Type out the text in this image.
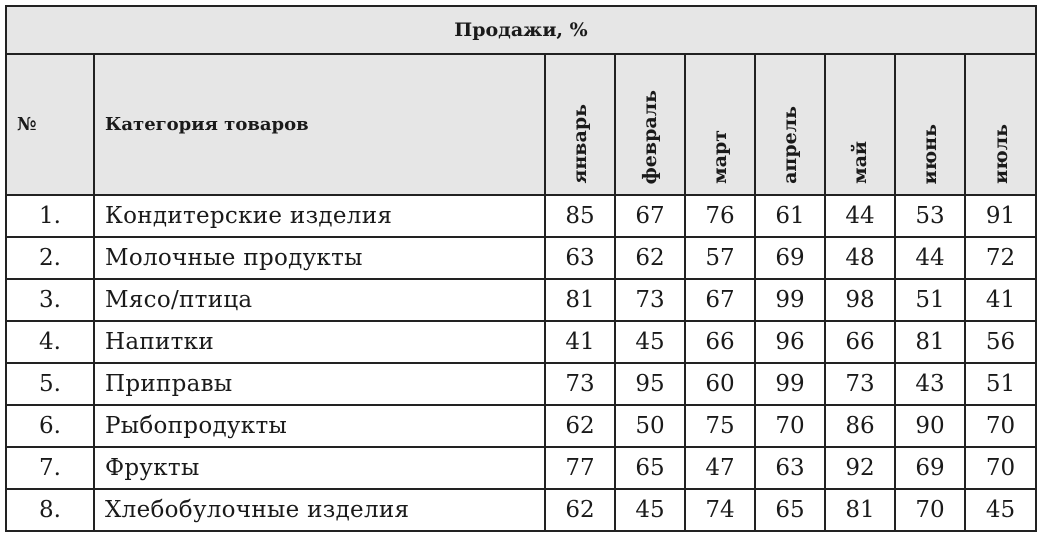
Продажи, %								
№	Категория товаров	январь	февраль	март	апрель	май	июнь	июль

1.	Кондитерские изделия	85	67	76	61	44	53	91
2.	Молочные продукты	63	62	57	69	48	44	72
3.	Мясо/птица	81	73	67	99	98	51	41
4.	Напитки	41	45	66	96	66	81	56
5.	Приправы	73	95	60	99	73	43	51
6.	Рыбопродукты	62	50	75	70	86	90	70
7.	Фрукты	77	65	47	63	92	69	70
8.	Хлебобулочные изделия	62	45	74	65	81	70	45
